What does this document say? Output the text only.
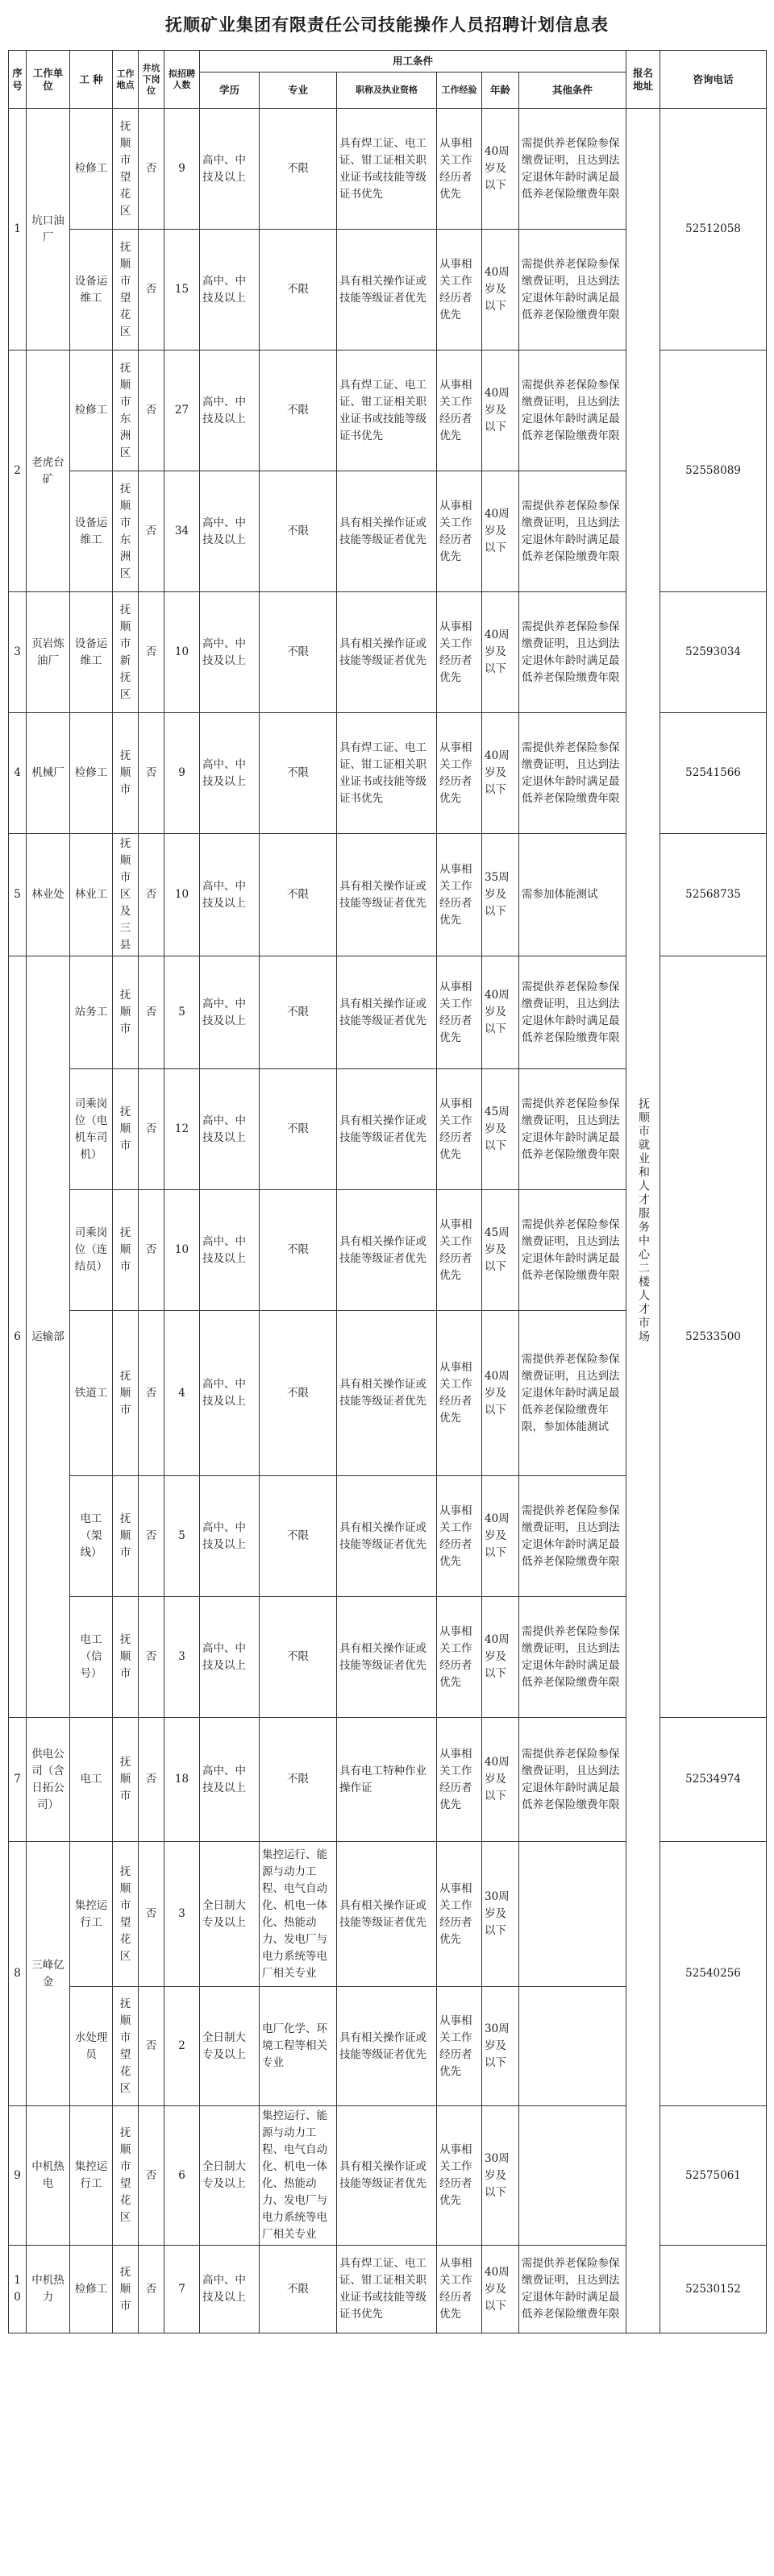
抚顺矿业集团有限责任公司技能操作人员招聘计划信息表
序号	工作单位	工 种	工作地点	井坑下岗位	拟招聘人数	用工条件						报名地址	咨询电话
						学历	专业	职称及执业资格	工作经验	年龄	其他条件		
1	坑口油厂	检修工	抚顺市望花区	否	9	高中、中技及以上	不限	具有焊工证、电工证、钳工证相关职业证书或技能等级证书优先	从事相关工作经历者优先	40周岁及以下	需提供养老保险参保缴费证明，且达到法定退休年龄时满足最低养老保险缴费年限	抚顺市就业和人才服务中心二楼人才市场	52512058
		设备运维工	抚顺市望花区	否	15	高中、中技及以上	不限	具有相关操作证或技能等级证者优先	从事相关工作经历者优先	40周岁及以下	需提供养老保险参保缴费证明，且达到法定退休年龄时满足最低养老保险缴费年限		
2	老虎台矿	检修工	抚顺市东洲区	否	27	高中、中技及以上	不限	具有焊工证、电工证、钳工证相关职业证书或技能等级证书优先	从事相关工作经历者优先	40周岁及以下	需提供养老保险参保缴费证明，且达到法定退休年龄时满足最低养老保险缴费年限		52558089
		设备运维工	抚顺市东洲区	否	34	高中、中技及以上	不限	具有相关操作证或技能等级证者优先	从事相关工作经历者优先	40周岁及以下	需提供养老保险参保缴费证明，且达到法定退休年龄时满足最低养老保险缴费年限		
3	页岩炼油厂	设备运维工	抚顺市新抚区	否	10	高中、中技及以上	不限	具有相关操作证或技能等级证者优先	从事相关工作经历者优先	40周岁及以下	需提供养老保险参保缴费证明，且达到法定退休年龄时满足最低养老保险缴费年限		52593034
4	机械厂	检修工	抚顺市	否	9	高中、中技及以上	不限	具有焊工证、电工证、钳工证相关职业证书或技能等级证书优先	从事相关工作经历者优先	40周岁及以下	需提供养老保险参保缴费证明，且达到法定退休年龄时满足最低养老保险缴费年限		52541566
5	林业处	林业工	抚顺市区及三县	否	10	高中、中技及以上	不限	具有相关操作证或技能等级证者优先	从事相关工作经历者优先	35周岁及以下	需参加体能测试		52568735
6	运输部	站务工	抚顺市	否	5	高中、中技及以上	不限	具有相关操作证或技能等级证者优先	从事相关工作经历者优先	40周岁及以下	需提供养老保险参保缴费证明，且达到法定退休年龄时满足最低养老保险缴费年限		52533500
		司乘岗位（电机车司机）	抚顺市	否	12	高中、中技及以上	不限	具有相关操作证或技能等级证者优先	从事相关工作经历者优先	45周岁及以下	需提供养老保险参保缴费证明，且达到法定退休年龄时满足最低养老保险缴费年限		
		司乘岗位（连结员）	抚顺市	否	10	高中、中技及以上	不限	具有相关操作证或技能等级证者优先	从事相关工作经历者优先	45周岁及以下	需提供养老保险参保缴费证明，且达到法定退休年龄时满足最低养老保险缴费年限		
		铁道工	抚顺市	否	4	高中、中技及以上	不限	具有相关操作证或技能等级证者优先	从事相关工作经历者优先	40周岁及以下	需提供养老保险参保缴费证明，且达到法定退休年龄时满足最低养老保险缴费年限，参加体能测试		
		电工（架线）	抚顺市	否	5	高中、中技及以上	不限	具有相关操作证或技能等级证者优先	从事相关工作经历者优先	40周岁及以下	需提供养老保险参保缴费证明，且达到法定退休年龄时满足最低养老保险缴费年限		
		电工（信号）	抚顺市	否	3	高中、中技及以上	不限	具有相关操作证或技能等级证者优先	从事相关工作经历者优先	40周岁及以下	需提供养老保险参保缴费证明，且达到法定退休年龄时满足最低养老保险缴费年限		
7	供电公司（含日拓公司）	电工	抚顺市	否	18	高中、中技及以上	不限	具有电工特种作业操作证	从事相关工作经历者优先	40周岁及以下	需提供养老保险参保缴费证明，且达到法定退休年龄时满足最低养老保险缴费年限		52534974
8	三峰亿金	集控运行工	抚顺市望花区	否	3	全日制大专及以上	集控运行、能源与动力工程、电气自动化、机电一体化、热能动力、发电厂与电力系统等电厂相关专业	具有相关操作证或技能等级证者优先	从事相关工作经历者优先	30周岁及以下			52540256
		水处理员	抚顺市望花区	否	2	全日制大专及以上	电厂化学、环境工程等相关专业	具有相关操作证或技能等级证者优先	从事相关工作经历者优先	30周岁及以下			
9	中机热电	集控运行工	抚顺市望花区	否	6	全日制大专及以上	集控运行、能源与动力工程、电气自动化、机电一体化、热能动力、发电厂与电力系统等电厂相关专业	具有相关操作证或技能等级证者优先	从事相关工作经历者优先	30周岁及以下			52575061
10	中机热力	检修工	抚顺市	否	7	高中、中技及以上	不限	具有焊工证、电工证、钳工证相关职业证书或技能等级证书优先	从事相关工作经历者优先	40周岁及以下	需提供养老保险参保缴费证明，且达到法定退休年龄时满足最低养老保险缴费年限		52530152
